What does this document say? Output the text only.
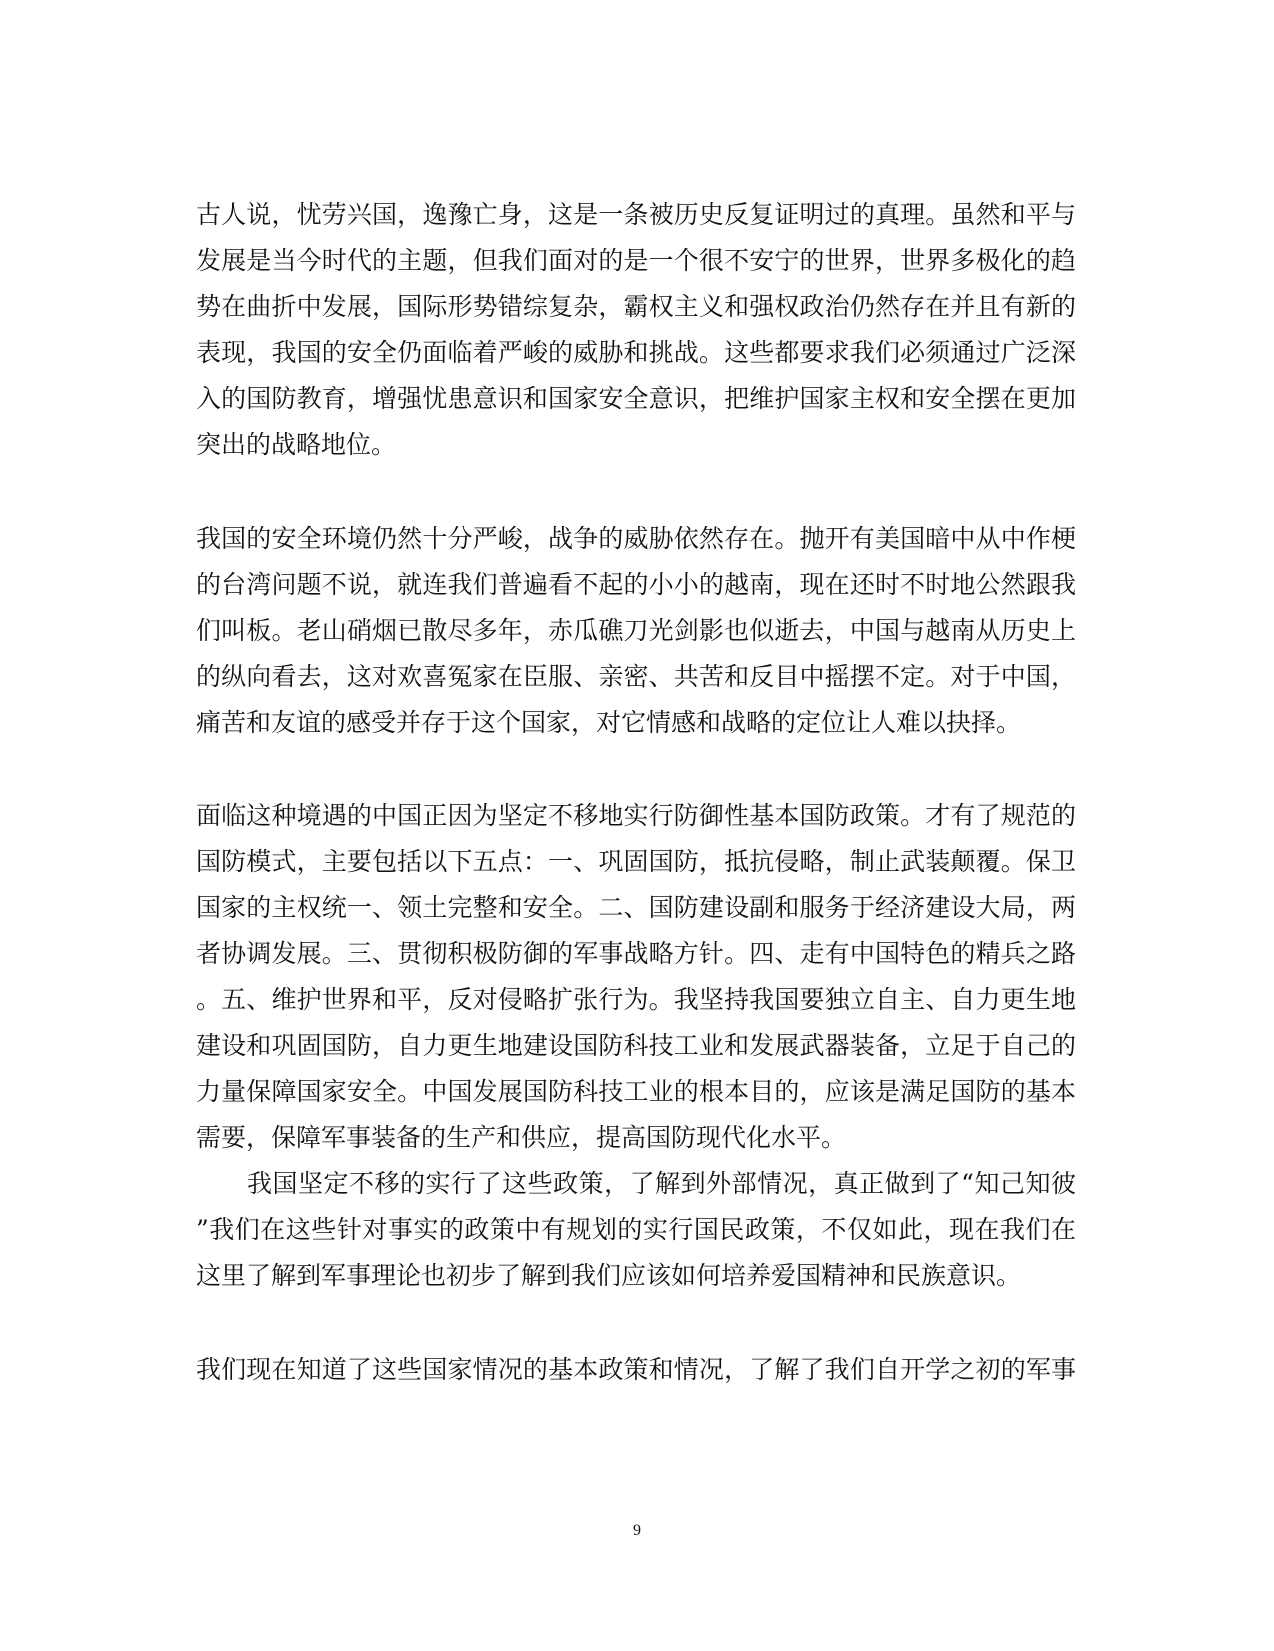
古人说，忧劳兴国，逸豫亡身，这是一条被历史反复证明过的真理。虽然和平与
发展是当今时代的主题，但我们面对的是一个很不安宁的世界，世界多极化的趋
势在曲折中发展，国际形势错综复杂，霸权主义和强权政治仍然存在并且有新的
表现，我国的安全仍面临着严峻的威胁和挑战。这些都要求我们必须通过广泛深
入的国防教育，增强忧患意识和国家安全意识，把维护国家主权和安全摆在更加
突出的战略地位。
我国的安全环境仍然十分严峻，战争的威胁依然存在。抛开有美国暗中从中作梗
的台湾问题不说，就连我们普遍看不起的小小的越南，现在还时不时地公然跟我
们叫板。老山硝烟已散尽多年，赤瓜礁刀光剑影也似逝去，中国与越南从历史上
的纵向看去，这对欢喜冤家在臣服、亲密、共苦和反目中摇摆不定。对于中国，
痛苦和友谊的感受并存于这个国家，对它情感和战略的定位让人难以抉择。
面临这种境遇的中国正因为坚定不移地实行防御性基本国防政策。才有了规范的
国防模式，主要包括以下五点：一、巩固国防，抵抗侵略，制止武装颠覆。保卫
国家的主权统一、领土完整和安全。二、国防建设副和服务于经济建设大局，两
者协调发展。三、贯彻积极防御的军事战略方针。四、走有中国特色的精兵之路
。五、维护世界和平，反对侵略扩张行为。我坚持我国要独立自主、自力更生地
建设和巩固国防，自力更生地建设国防科技工业和发展武器装备，立足于自己的
力量保障国家安全。中国发展国防科技工业的根本目的，应该是满足国防的基本
需要，保障军事装备的生产和供应，提高国防现代化水平。
　　我国坚定不移的实行了这些政策，了解到外部情况，真正做到了“知己知彼
”我们在这些针对事实的政策中有规划的实行国民政策，不仅如此，现在我们在
这里了解到军事理论也初步了解到我们应该如何培养爱国精神和民族意识。
我们现在知道了这些国家情况的基本政策和情况，了解了我们自开学之初的军事
9
